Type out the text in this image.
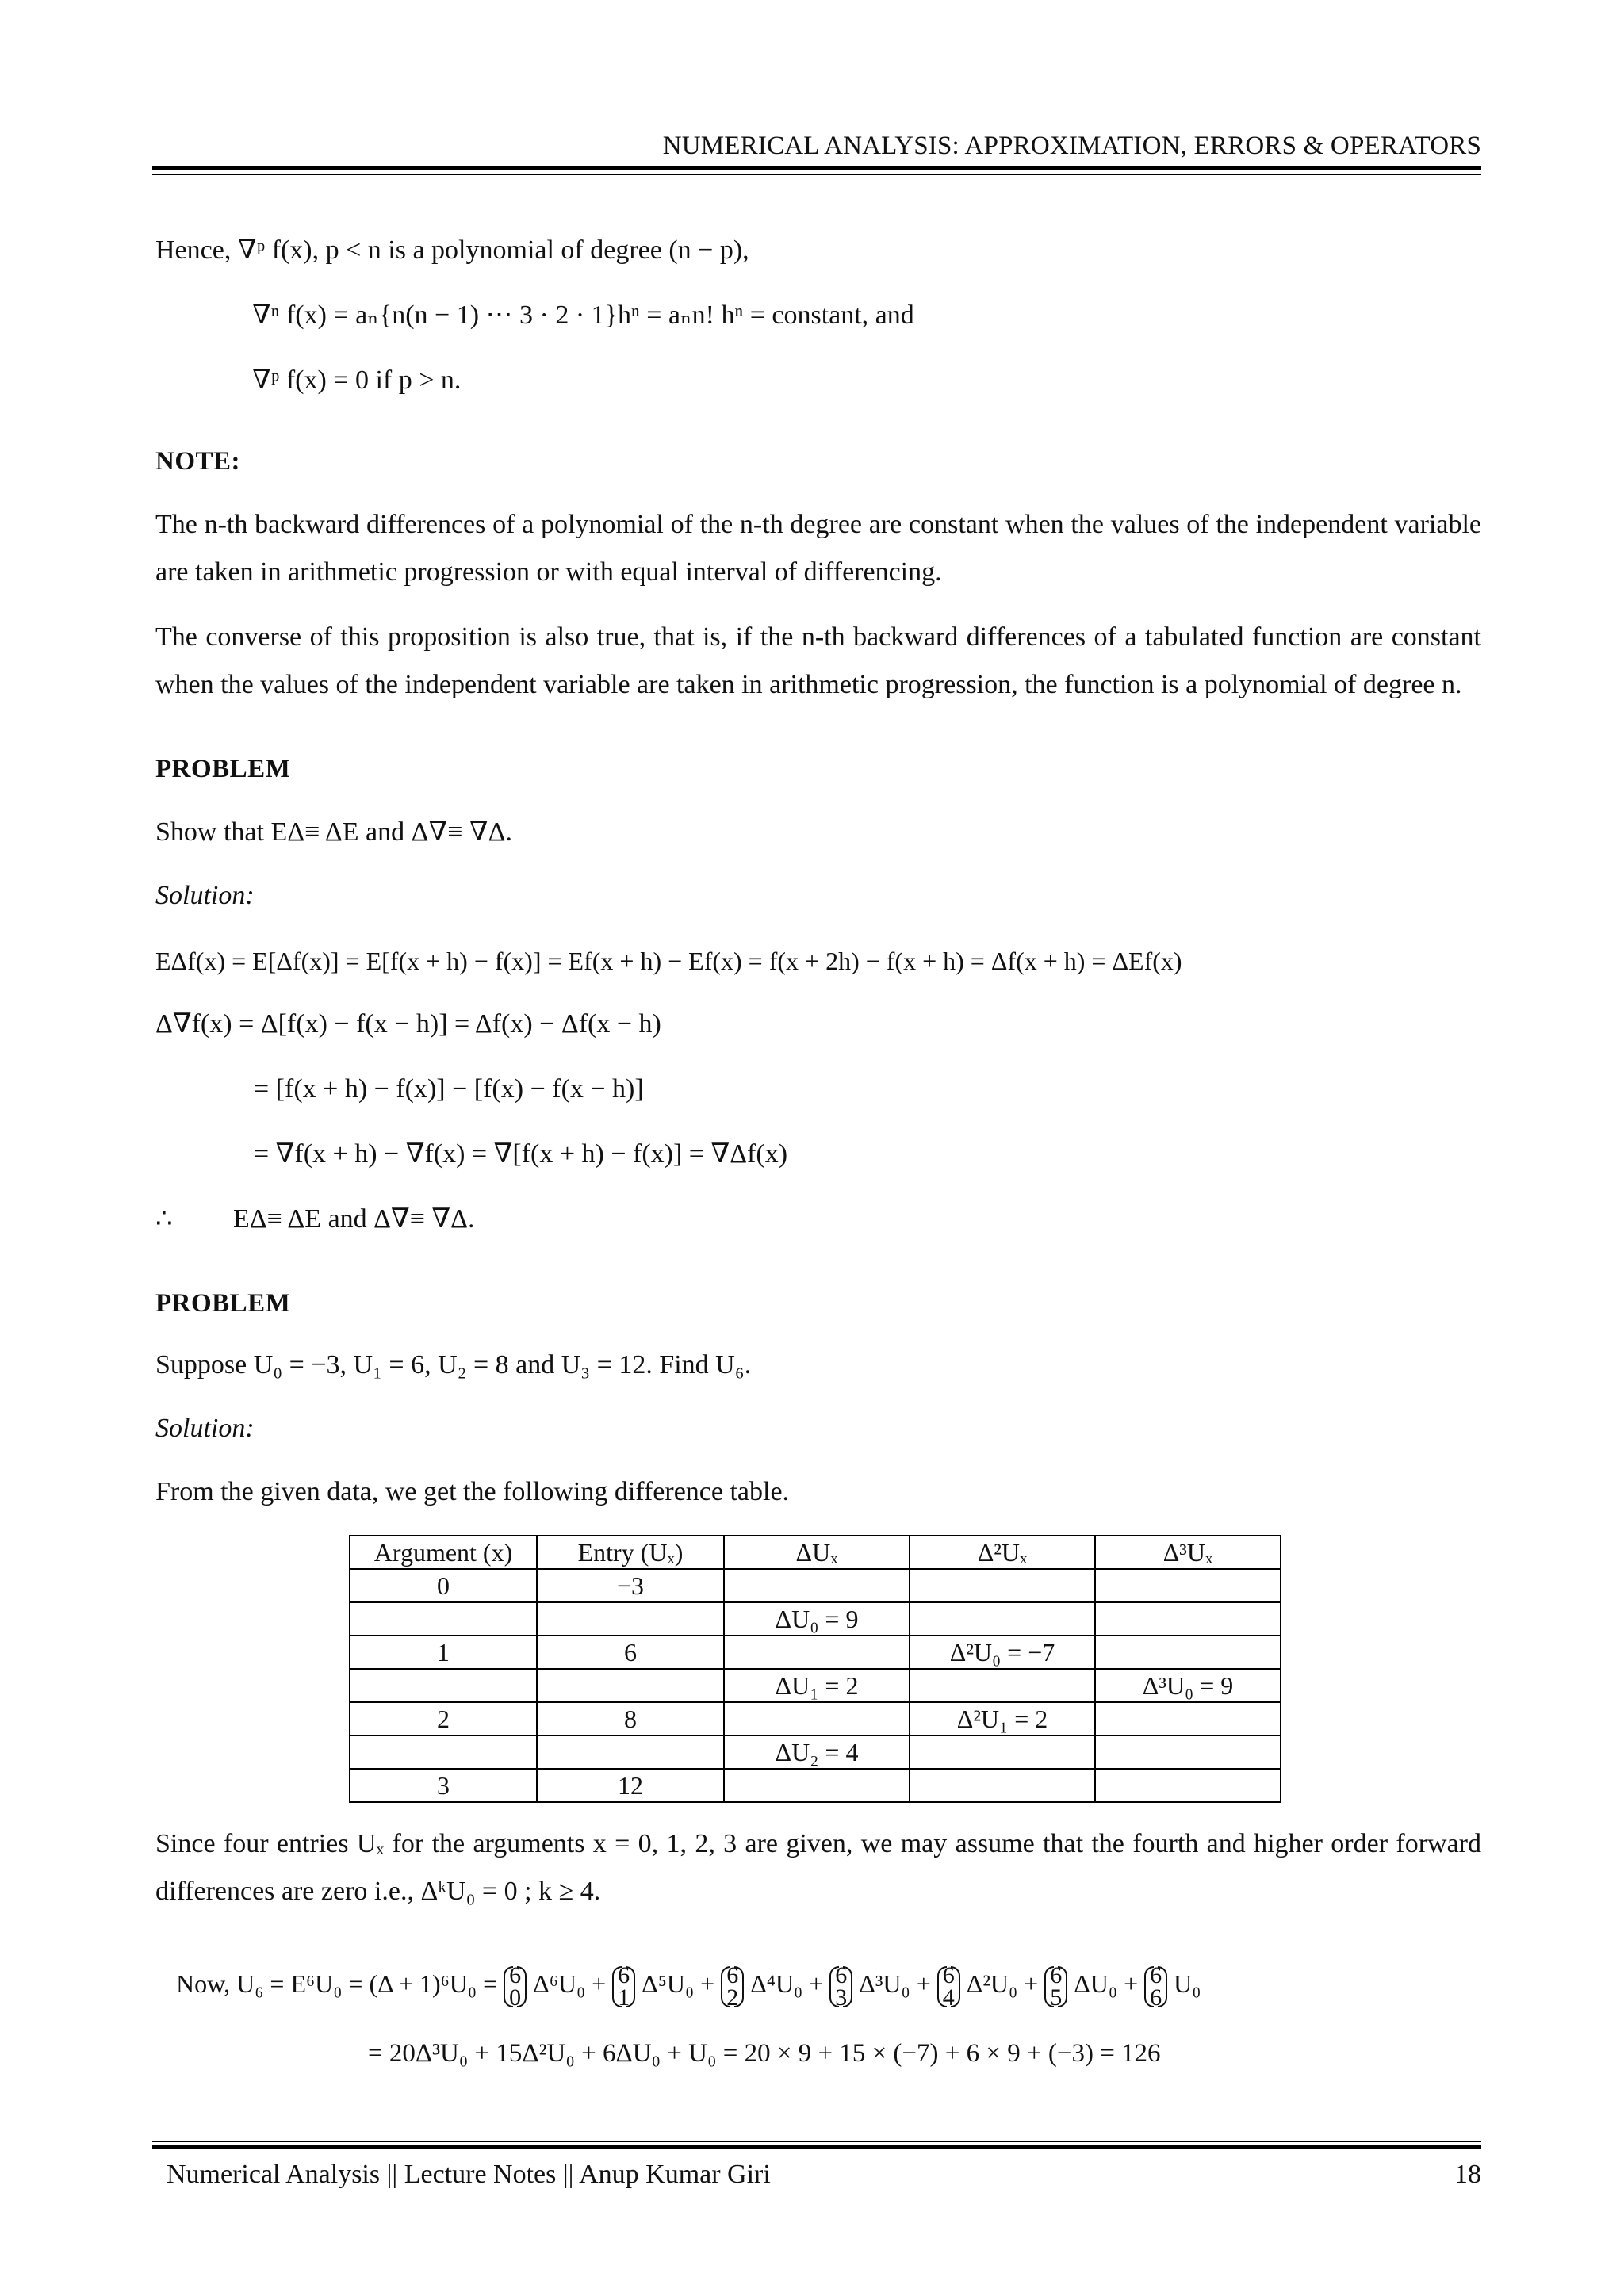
NUMERICAL ANALYSIS: APPROXIMATION, ERRORS & OPERATORS
Hence, ∇ᵖ f(x), p < n is a polynomial of degree (n − p),
∇ⁿ f(x) = aₙ{n(n − 1) ⋯ 3 · 2 · 1}hⁿ = aₙn! hⁿ = constant, and
∇ᵖ f(x) = 0 if p > n.
NOTE:
The n-th backward differences of a polynomial of the n-th degree are constant when the values of the independent variable are taken in arithmetic progression or with equal interval of differencing.
The converse of this proposition is also true, that is, if the n-th backward differences of a tabulated function are constant when the values of the independent variable are taken in arithmetic progression, the function is a polynomial of degree n.
PROBLEM
Show that EΔ≡ ΔE and Δ∇≡ ∇Δ.
Solution:
EΔf(x) = E[Δf(x)] = E[f(x + h) − f(x)] = Ef(x + h) − Ef(x) = f(x + 2h) − f(x + h) = Δf(x + h) = ΔEf(x)
Δ∇f(x) = Δ[f(x) − f(x − h)] = Δf(x) − Δf(x − h)
= [f(x + h) − f(x)] − [f(x) − f(x − h)]
= ∇f(x + h) − ∇f(x) = ∇[f(x + h) − f(x)] = ∇Δf(x)
∴ EΔ≡ ΔE and Δ∇≡ ∇Δ.
PROBLEM
Suppose U₀ = −3, U₁ = 6, U₂ = 8 and U₃ = 12. Find U₆.
Solution:
From the given data, we get the following difference table.
Argument (x)	Entry (Uₓ)	ΔUₓ	Δ²Uₓ	Δ³Uₓ
0	−3			
		ΔU₀ = 9		
1	6		Δ²U₀ = −7	
		ΔU₁ = 2		Δ³U₀ = 9
2	8		Δ²U₁ = 2	
		ΔU₂ = 4		
3	12			
Since four entries Uₓ for the arguments x = 0, 1, 2, 3 are given, we may assume that the fourth and higher order forward differences are zero i.e., ΔᵏU₀ = 0 ; k ≥ 4.
Now, U₆ = E⁶U₀ = (Δ + 1)⁶U₀ = 6
0 Δ⁶U₀ + 6
1 Δ⁵U₀ + 6
2 Δ⁴U₀ + 6
3 Δ³U₀ + 6
4 Δ²U₀ + 6
5 ΔU₀ + 6
6 U₀
= 20Δ³U₀ + 15Δ²U₀ + 6ΔU₀ + U₀ = 20 × 9 + 15 × (−7) + 6 × 9 + (−3) = 126
Numerical Analysis || Lecture Notes || Anup Kumar Giri	18
